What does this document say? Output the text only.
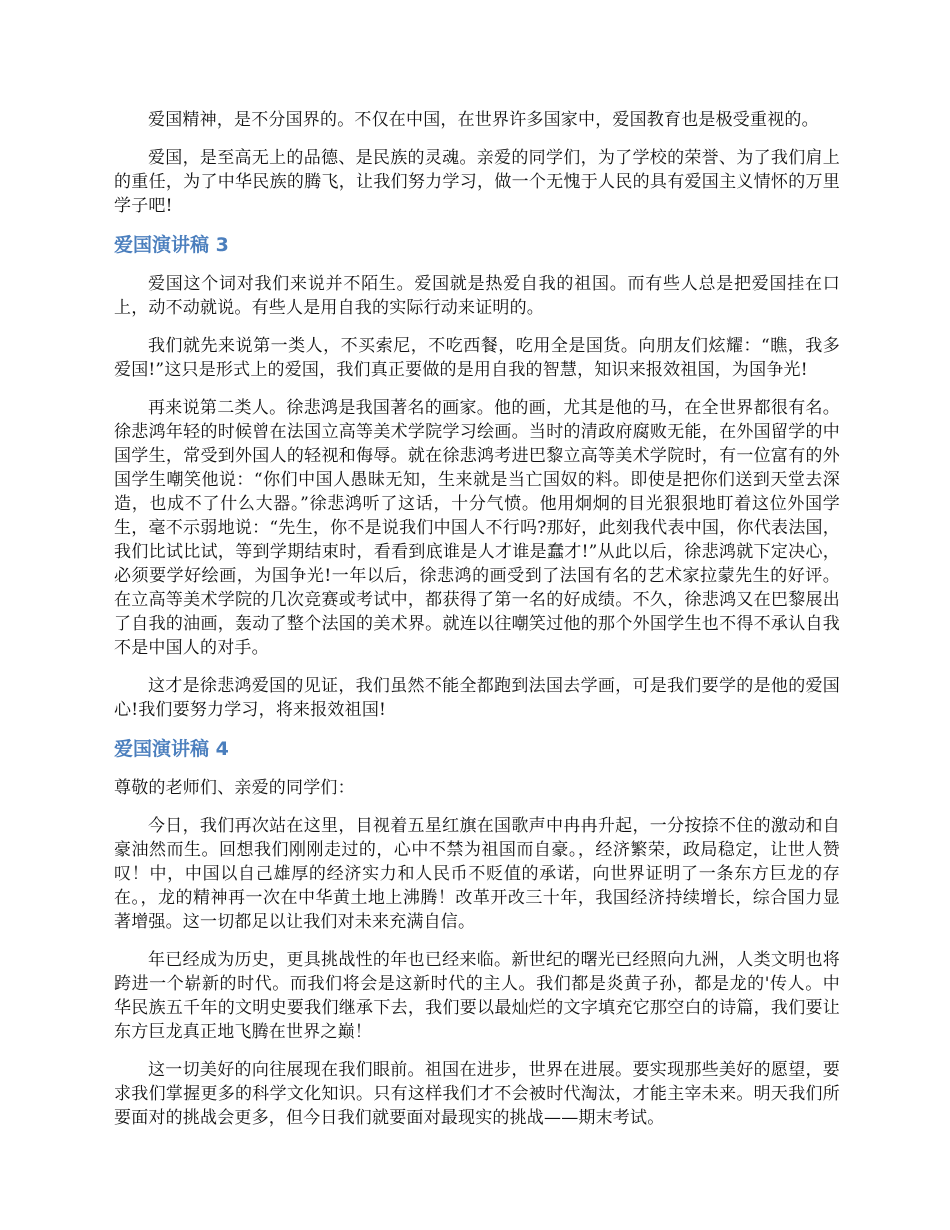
爱国精神，是不分国界的。不仅在中国，在世界许多国家中，爱国教育也是极受重视的。

爱国，是至高无上的品德、是民族的灵魂。亲爱的同学们，为了学校的荣誉、为了我们肩上的重任，为了中华民族的腾飞，让我们努力学习，做一个无愧于人民的具有爱国主义情怀的万里学子吧!

爱国演讲稿 3

爱国这个词对我们来说并不陌生。爱国就是热爱自我的祖国。而有些人总是把爱国挂在口上，动不动就说。有些人是用自我的实际行动来证明的。

我们就先来说第一类人，不买索尼，不吃西餐，吃用全是国货。向朋友们炫耀：“瞧，我多爱国!”这只是形式上的爱国，我们真正要做的是用自我的智慧，知识来报效祖国，为国争光!

再来说第二类人。徐悲鸿是我国著名的画家。他的画，尤其是他的马，在全世界都很有名。徐悲鸿年轻的时候曾在法国立高等美术学院学习绘画。当时的清政府腐败无能，在外国留学的中国学生，常受到外国人的轻视和侮辱。就在徐悲鸿考进巴黎立高等美术学院时，有一位富有的外国学生嘲笑他说：“你们中国人愚昧无知，生来就是当亡国奴的料。即使是把你们送到天堂去深造，也成不了什么大器。”徐悲鸿听了这话，十分气愤。他用炯炯的目光狠狠地盯着这位外国学生，毫不示弱地说：“先生，你不是说我们中国人不行吗?那好，此刻我代表中国，你代表法国，我们比试比试，等到学期结束时，看看到底谁是人才谁是蠢才!”从此以后，徐悲鸿就下定决心，必须要学好绘画，为国争光!一年以后，徐悲鸿的画受到了法国有名的艺术家拉蒙先生的好评。在立高等美术学院的几次竞赛或考试中，都获得了第一名的好成绩。不久，徐悲鸿又在巴黎展出了自我的油画，轰动了整个法国的美术界。就连以往嘲笑过他的那个外国学生也不得不承认自我不是中国人的对手。

这才是徐悲鸿爱国的见证，我们虽然不能全都跑到法国去学画，可是我们要学的是他的爱国心!我们要努力学习，将来报效祖国!

爱国演讲稿 4

尊敬的老师们、亲爱的同学们：

今日，我们再次站在这里，目视着五星红旗在国歌声中冉冉升起，一分按捺不住的激动和自豪油然而生。回想我们刚刚走过的，心中不禁为祖国而自豪。，经济繁荣，政局稳定，让世人赞叹！中，中国以自己雄厚的经济实力和人民币不贬值的承诺，向世界证明了一条东方巨龙的存在。，龙的精神再一次在中华黄土地上沸腾！改革开改三十年，我国经济持续增长，综合国力显著增强。这一切都足以让我们对未来充满自信。

年已经成为历史，更具挑战性的年也已经来临。新世纪的曙光已经照向九洲，人类文明也将跨进一个崭新的时代。而我们将会是这新时代的主人。我们都是炎黄子孙，都是龙的'传人。中华民族五千年的文明史要我们继承下去，我们要以最灿烂的文字填充它那空白的诗篇，我们要让东方巨龙真正地飞腾在世界之巅！

这一切美好的向往展现在我们眼前。祖国在进步，世界在进展。要实现那些美好的愿望，要求我们掌握更多的科学文化知识。只有这样我们才不会被时代淘汰，才能主宰未来。明天我们所要面对的挑战会更多，但今日我们就要面对最现实的挑战——期末考试。
